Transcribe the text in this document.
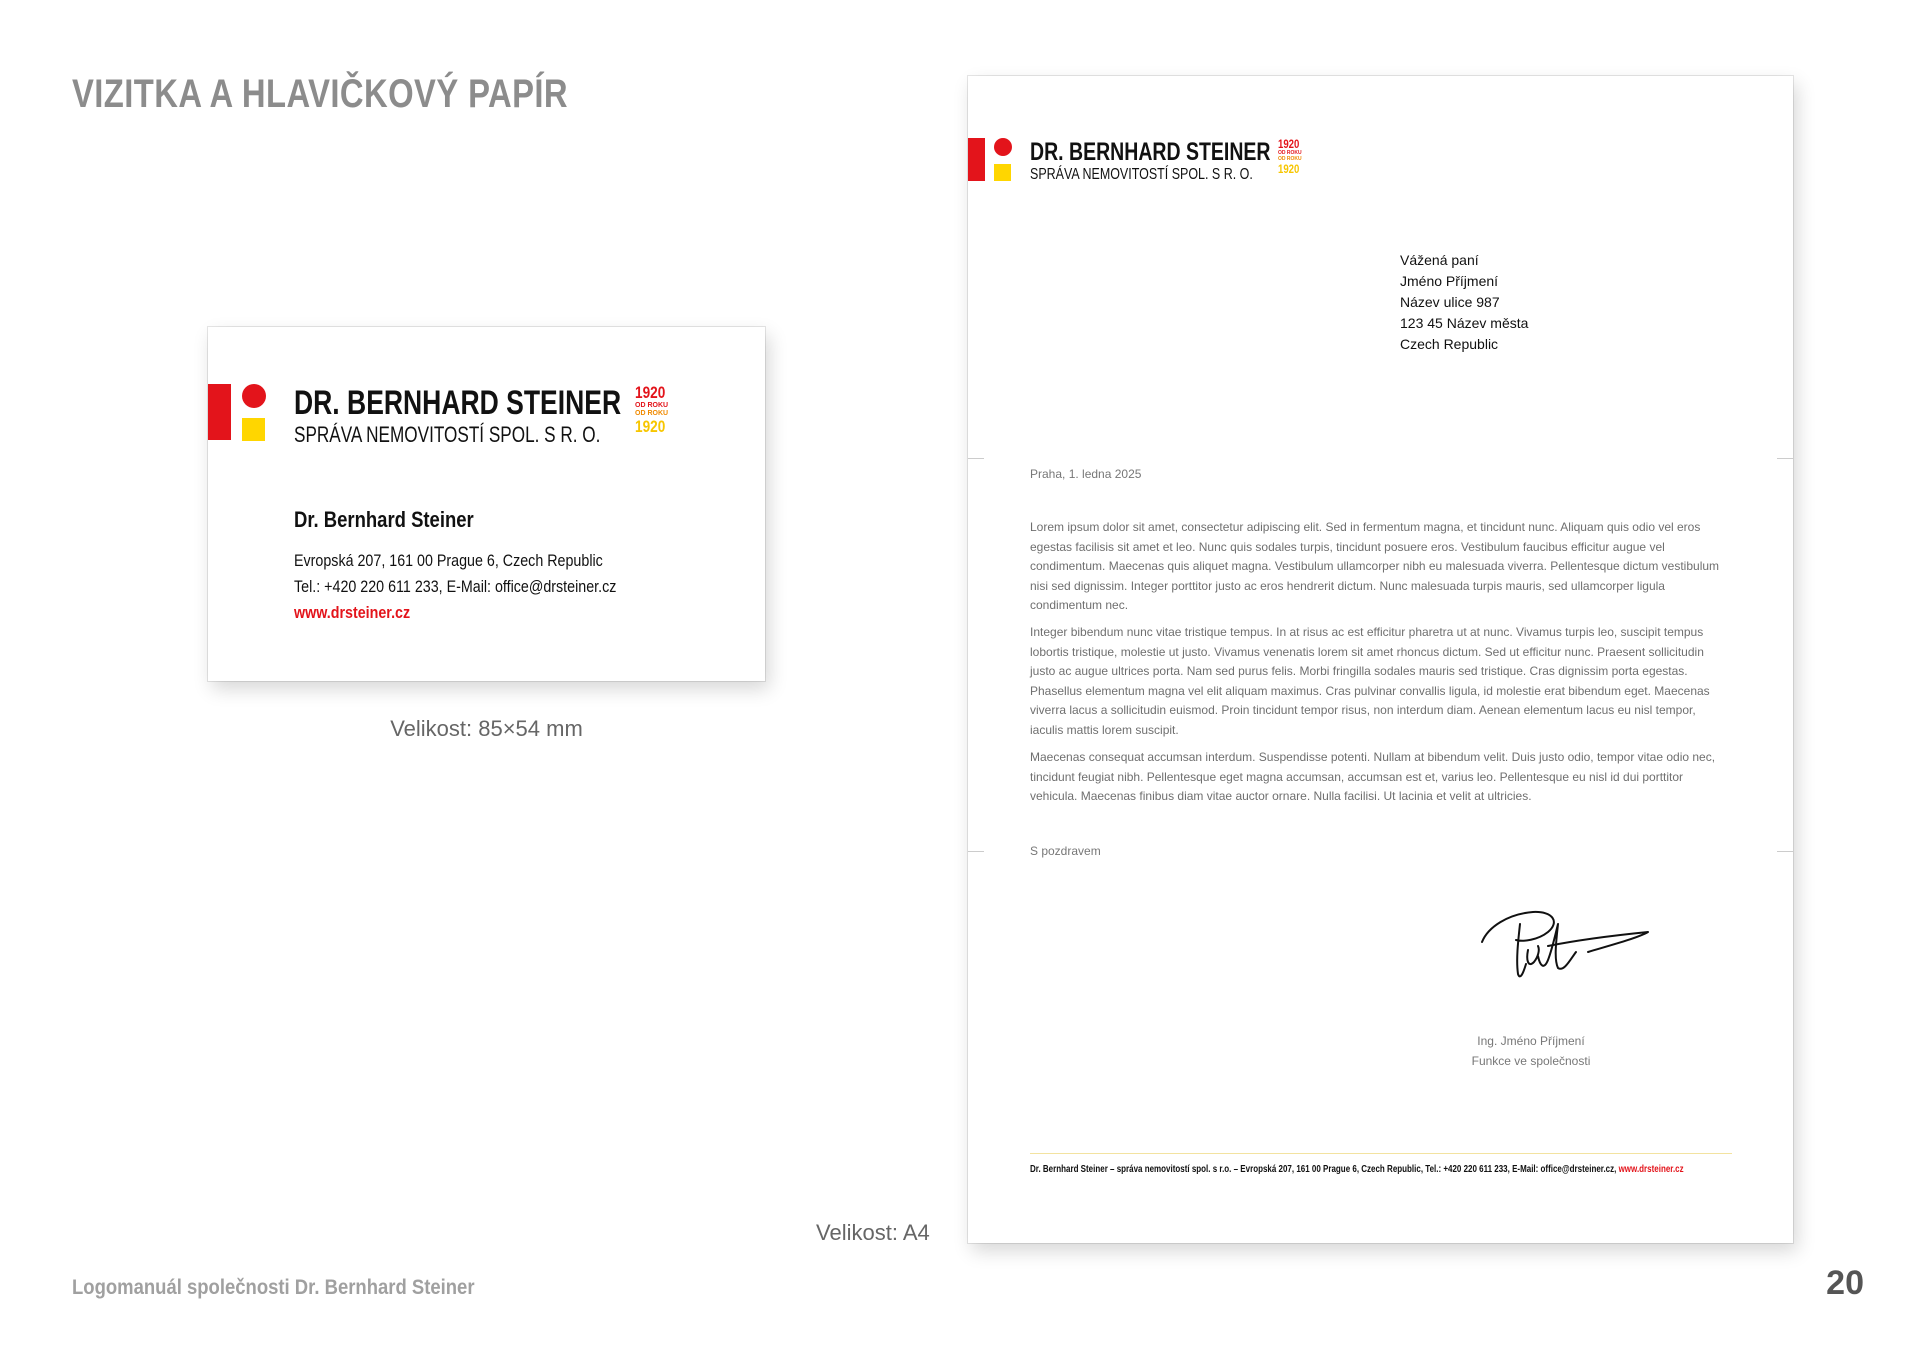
VIZITKA A HLAVIČKOVÝ PAPÍR
DR. BERNHARD STEINER
SPRÁVA NEMOVITOSTÍ SPOL. S R. O.
1920
OD ROKU
OD ROKU
1920
Dr. Bernhard Steiner
Evropská 207, 161 00 Prague 6, Czech Republic
Tel.: +420 220 611 233, E-Mail: office@drsteiner.cz
www.drsteiner.cz
Velikost: 85×54 mm
DR. BERNHARD STEINER
SPRÁVA NEMOVITOSTÍ SPOL. S R. O.
1920
OD ROKU
OD ROKU
1920
Vážená paní
Jméno Příjmení
Název ulice 987
123 45 Název města
Czech Republic
Praha, 1. ledna 2025
Lorem ipsum dolor sit amet, consectetur adipiscing elit. Sed in fermentum magna, et tincidunt nunc. Aliquam quis odio vel eros egestas facilisis sit amet et leo. Nunc quis sodales turpis, tincidunt posuere eros. Vestibulum faucibus efficitur augue vel condimentum. Maecenas quis aliquet magna. Vestibulum ullamcorper nibh eu malesuada viverra. Pellentesque dictum vestibulum nisi sed dignissim. Integer porttitor justo ac eros hendrerit dictum. Nunc malesuada turpis mauris, sed ullamcorper ligula condimentum nec.
Integer bibendum nunc vitae tristique tempus. In at risus ac est efficitur pharetra ut at nunc. Vivamus turpis leo, suscipit tempus lobortis tristique, molestie ut justo. Vivamus venenatis lorem sit amet rhoncus dictum. Sed ut efficitur nunc. Praesent sollicitudin justo ac augue ultrices porta. Nam sed purus felis. Morbi fringilla sodales mauris sed tristique. Cras dignissim porta egestas. Phasellus elementum magna vel elit aliquam maximus. Cras pulvinar convallis ligula, id molestie erat bibendum eget. Maecenas viverra lacus a sollicitudin euismod. Proin tincidunt tempor risus, non interdum diam. Aenean elementum lacus eu nisl tempor, iaculis mattis lorem suscipit.
Maecenas consequat accumsan interdum. Suspendisse potenti. Nullam at bibendum velit. Duis justo odio, tempor vitae odio nec, tincidunt feugiat nibh. Pellentesque eget magna accumsan, accumsan est et, varius leo. Pellentesque eu nisl id dui porttitor vehicula. Maecenas finibus diam vitae auctor ornare. Nulla facilisi. Ut lacinia et velit at ultricies.
S pozdravem
Ing. Jméno Příjmení
Funkce ve společnosti
Dr. Bernhard Steiner – správa nemovitostí spol. s r.o. – Evropská 207, 161 00 Prague 6, Czech Republic, Tel.: +420 220 611 233, E-Mail: office@drsteiner.cz, www.drsteiner.cz
Velikost: A4
Logomanuál společnosti Dr. Bernhard Steiner	20
